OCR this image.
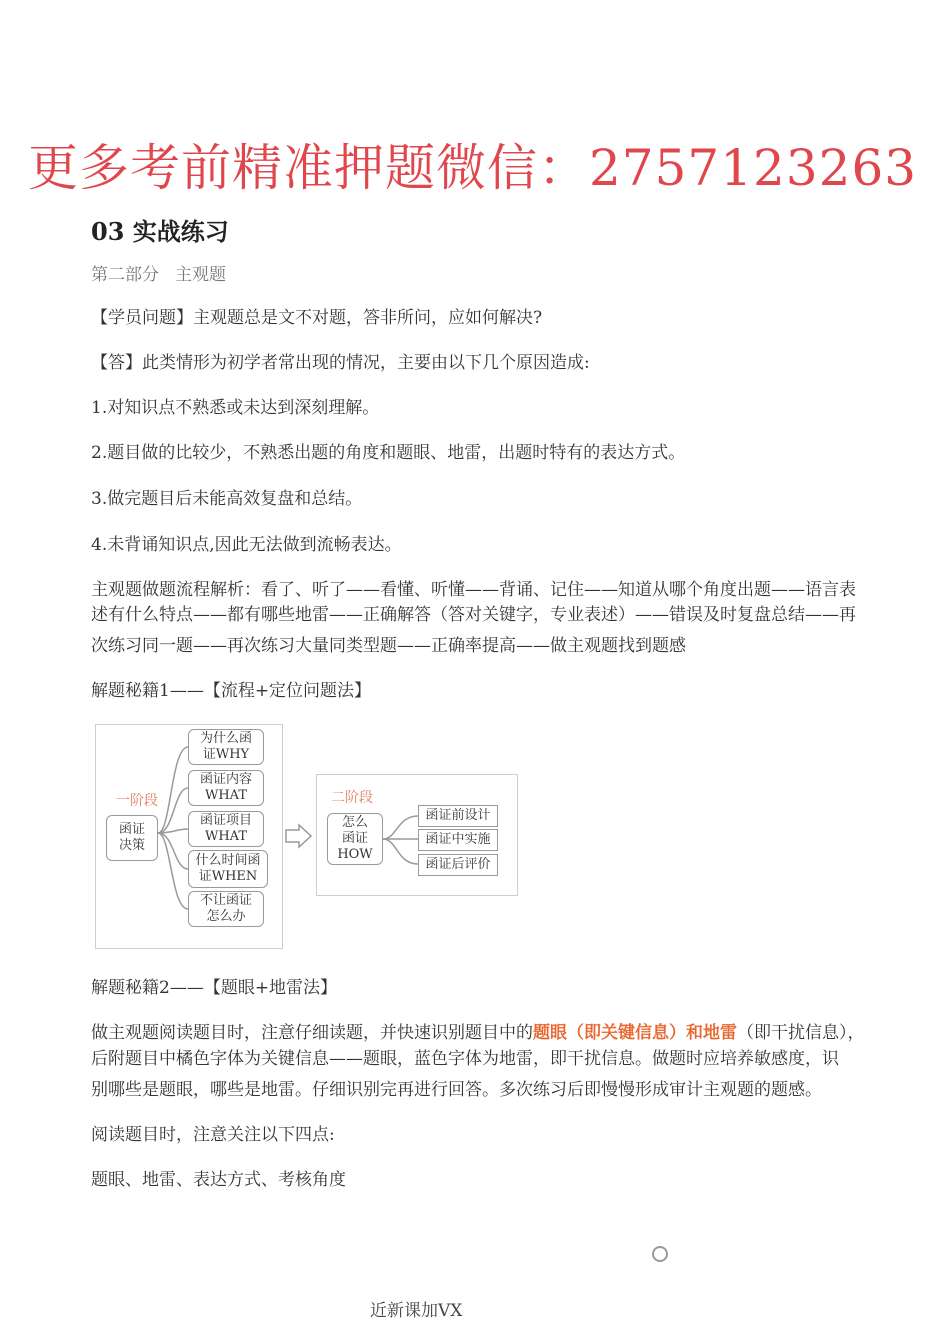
更多考前精准押题微信：2757123263
03 实战练习
第二部分 主观题
【学员问题】主观题总是文不对题，答非所问，应如何解决?
【答】此类情形为初学者常出现的情况，主要由以下几个原因造成:
1.对知识点不熟悉或未达到深刻理解。
2.题目做的比较少，不熟悉出题的角度和题眼、地雷，出题时特有的表达方式。
3.做完题目后未能高效复盘和总结。
4.未背诵知识点,因此无法做到流畅表达。
主观题做题流程解析：看了、听了——看懂、听懂——背诵、记住——知道从哪个角度出题——语言表
述有什么特点——都有哪些地雷——正确解答（答对关键字，专业表述）——错误及时复盘总结——再
次练习同一题——再次练习大量同类型题——正确率提高——做主观题找到题感
解题秘籍1——【流程+定位问题法】
一阶段
函证
决策
为什么函
证WHY
函证内容
WHAT
函证项目
WHAT
什么时间函
证WHEN
不让函证
怎么办
二阶段
怎么
函证
HOW
函证前设计
函证中实施
函证后评价
解题秘籍2——【题眼+地雷法】
做主观题阅读题目时，注意仔细读题，并快速识别题目中的题眼（即关键信息）和地雷（即干扰信息），
后附题目中橘色字体为关键信息——题眼，蓝色字体为地雷，即干扰信息。做题时应培养敏感度，识
别哪些是题眼，哪些是地雷。仔细识别完再进行回答。多次练习后即慢慢形成审计主观题的题感。
阅读题目时，注意关注以下四点:
题眼、地雷、表达方式、考核角度
近新课加VX
